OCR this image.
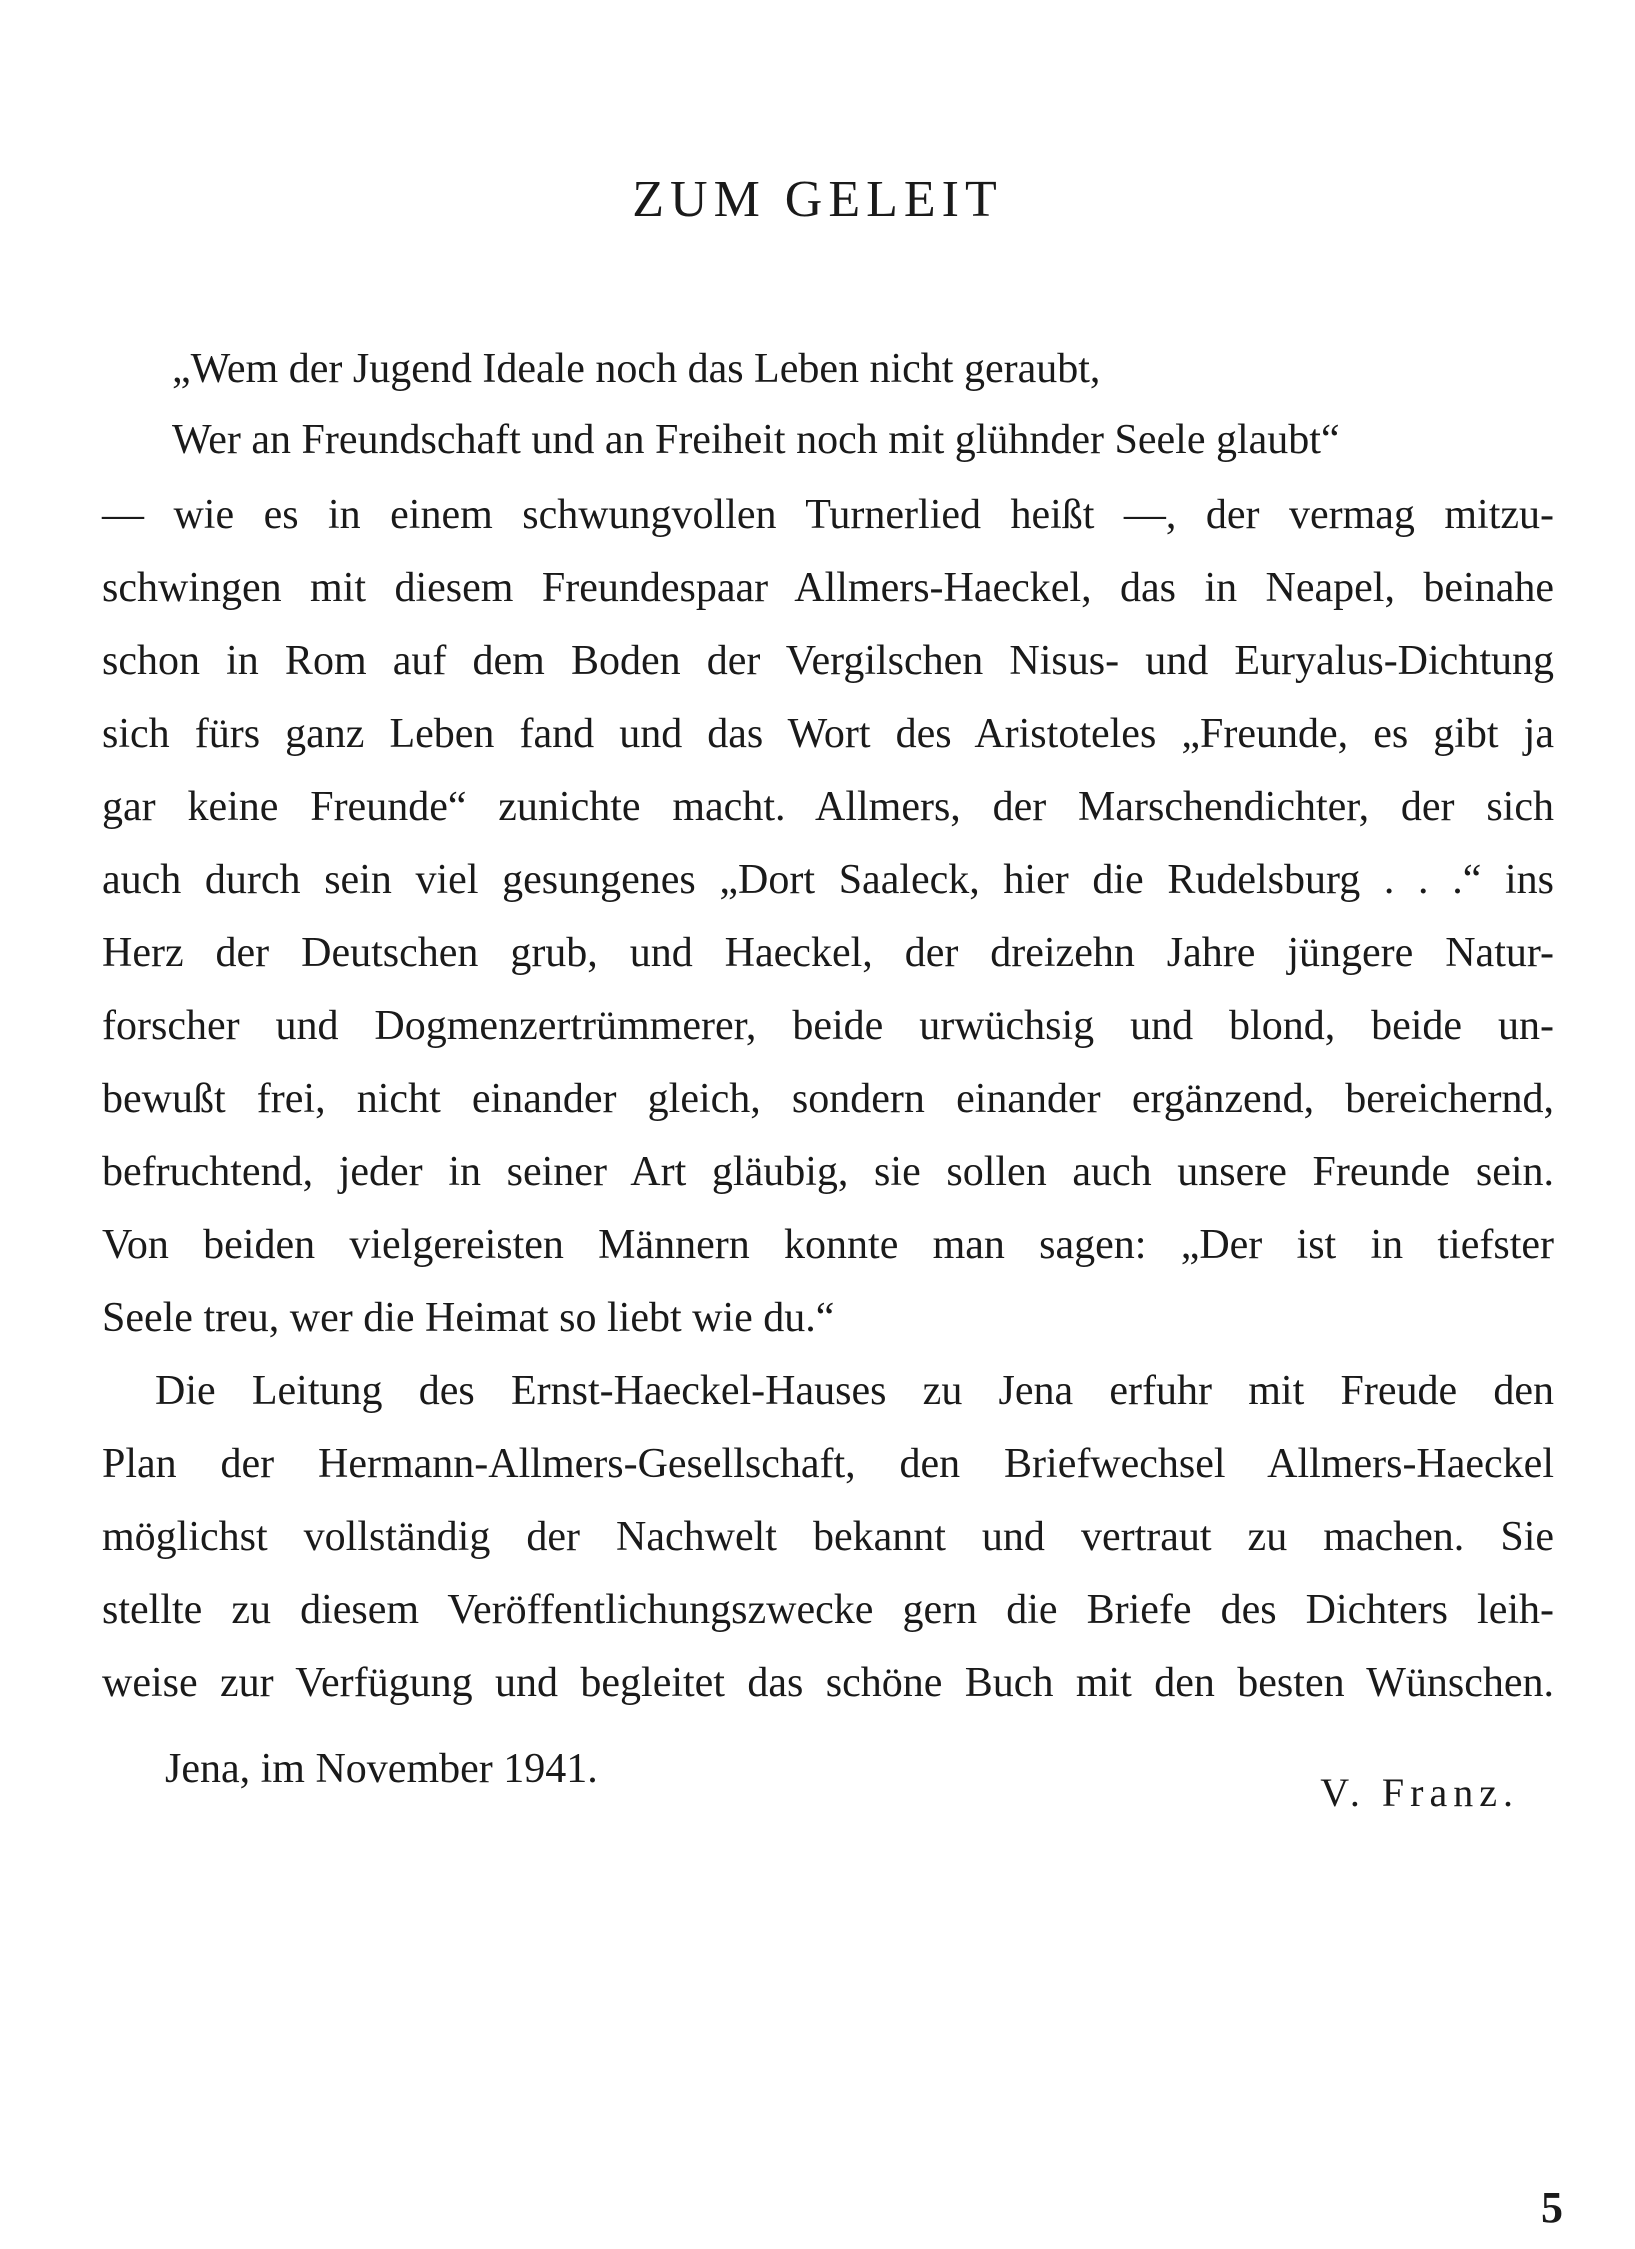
ZUM GELEIT

„Wem der Jugend Ideale noch das Leben nicht geraubt,

Wer an Freundschaft und an Freiheit noch mit glühnder Seele glaubt“

— wie es in einem schwungvollen Turnerlied heißt —, der vermag mitzu-

schwingen mit diesem Freundespaar Allmers-Haeckel, das in Neapel, beinahe

schon in Rom auf dem Boden der Vergilschen Nisus- und Euryalus-Dichtung

sich fürs ganz Leben fand und das Wort des Aristoteles „Freunde, es gibt ja

gar keine Freunde“ zunichte macht. Allmers, der Marschendichter, der sich

auch durch sein viel gesungenes „Dort Saaleck, hier die Rudelsburg . . .“ ins

Herz der Deutschen grub, und Haeckel, der dreizehn Jahre jüngere Natur-

forscher und Dogmenzertrümmerer, beide urwüchsig und blond, beide un-

bewußt frei, nicht einander gleich, sondern einander ergänzend, bereichernd,

befruchtend, jeder in seiner Art gläubig, sie sollen auch unsere Freunde sein.

Von beiden vielgereisten Männern konnte man sagen: „Der ist in tiefster

Seele treu, wer die Heimat so liebt wie du.“

Die Leitung des Ernst-Haeckel-Hauses zu Jena erfuhr mit Freude den

Plan der Hermann-Allmers-Gesellschaft, den Briefwechsel Allmers-Haeckel

möglichst vollständig der Nachwelt bekannt und vertraut zu machen. Sie

stellte zu diesem Veröffentlichungszwecke gern die Briefe des Dichters leih-

weise zur Verfügung und begleitet das schöne Buch mit den besten Wünschen.

Jena, im November 1941.

V. Franz.

5
